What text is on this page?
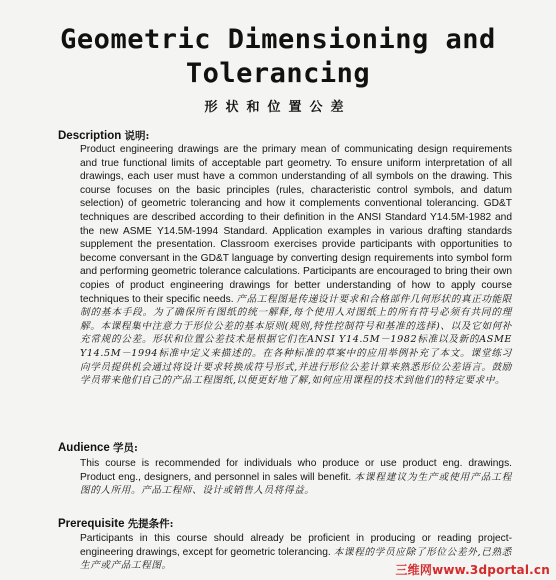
Geometric Dimensioning and
Tolerancing
形状和位置公差
Description 说明:
Product engineering drawings are the primary mean of communicating design requirements and true functional limits of acceptable part geometry. To ensure uniform interpretation of all drawings, each user must have a common understanding of all symbols on the drawing. This course focuses on the basic principles (rules, characteristic control symbols, and datum selection) of geometric tolerancing and how it complements conventional tolerancing. GD&T techniques are described according to their definition in the ANSI Standard Y14.5M-1982 and the new ASME Y14.5M-1994 Standard. Application examples in various drafting standards supplement the presentation. Classroom exercises provide participants with opportunities to become conversant in the GD&T language by converting design requirements into symbol form and performing geometric tolerance calculations. Participants are encouraged to bring their own copies of product engineering drawings for better understanding of how to apply course techniques to their specific needs. 产品工程图是传递设计要求和合格部件几何形状的真正功能限制的基本手段。为了确保所有图纸的统一解释,每个使用人对图纸上的所有符号必须有共同的理解。本课程集中注意力于形位公差的基本原则(规则,特性控制符号和基准的选择)、以及它如何补充常规的公差。形状和位置公差技术是根据它们在ANSI Y14.5M－1982标准以及新的ASME Y14.5M－1994标准中定义来描述的。在各种标准的草案中的应用举例补充了本文。课堂练习向学员提供机会通过将设计要求转换成符号形式,并进行形位公差计算来熟悉形位公差语言。鼓励学员带来他们自己的产品工程图纸,以便更好地了解,如何应用课程的技术到他们的特定要求中。
Audience 学员:
This course is recommended for individuals who produce or use product eng. drawings. Product eng., designers, and personnel in sales will benefit. 本课程建议为生产或使用产品工程图的人所用。产品工程师、设计或销售人员将得益。
Prerequisite 先提条件:
Participants in this course should already be proficient in producing or reading project-engineering drawings, except for geometric tolerancing. 本课程的学员应除了形位公差外,已熟悉生产或产品工程图。	三维网www.3dportal.cn
